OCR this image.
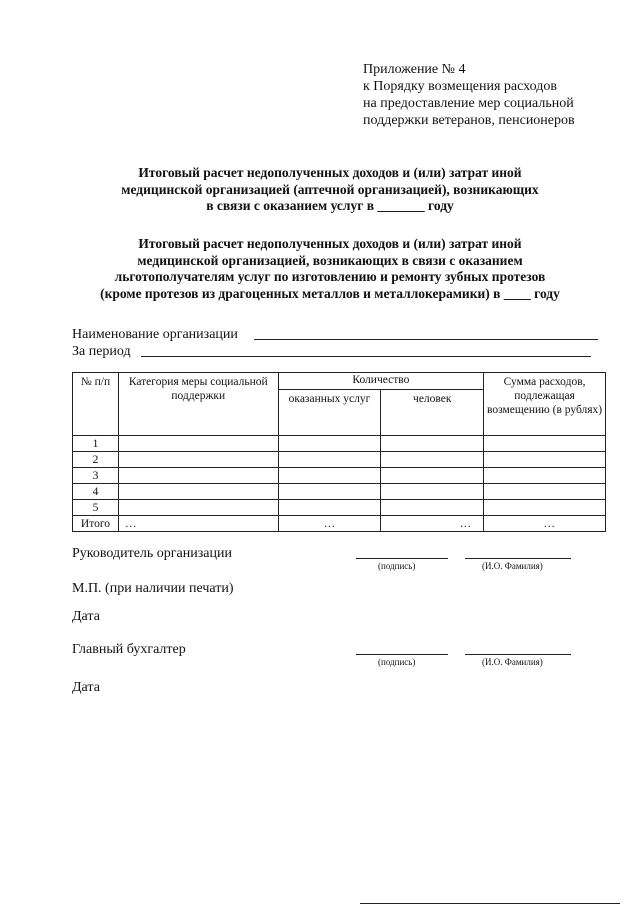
Приложение № 4
к Порядку возмещения расходов
на предоставление мер социальной
поддержки ветеранов, пенсионеров
Итоговый расчет недополученных доходов и (или) затрат иной
медицинской организацией (аптечной организацией), возникающих
в связи с оказанием услуг в _______ году
Итоговый расчет недополученных доходов и (или) затрат иной
медицинской организацией, возникающих в связи с оказанием
льготополучателям услуг по изготовлению и ремонту зубных протезов
(кроме протезов из драгоценных металлов и металлокерамики) в ____ году
Наименование организации
За период
№ п/п	Категория меры социальной поддержки	Количество		Сумма расходов, подлежащая возмещению (в рублях)
		оказанных услуг	человек	
1				
2				
3				
4				
5				
Итого	…	…	…	…
Руководитель организации
(подпись)	(И.О. Фамилия)
М.П. (при наличии печати)
Дата
Главный бухгалтер
(подпись)	(И.О. Фамилия)
Дата
